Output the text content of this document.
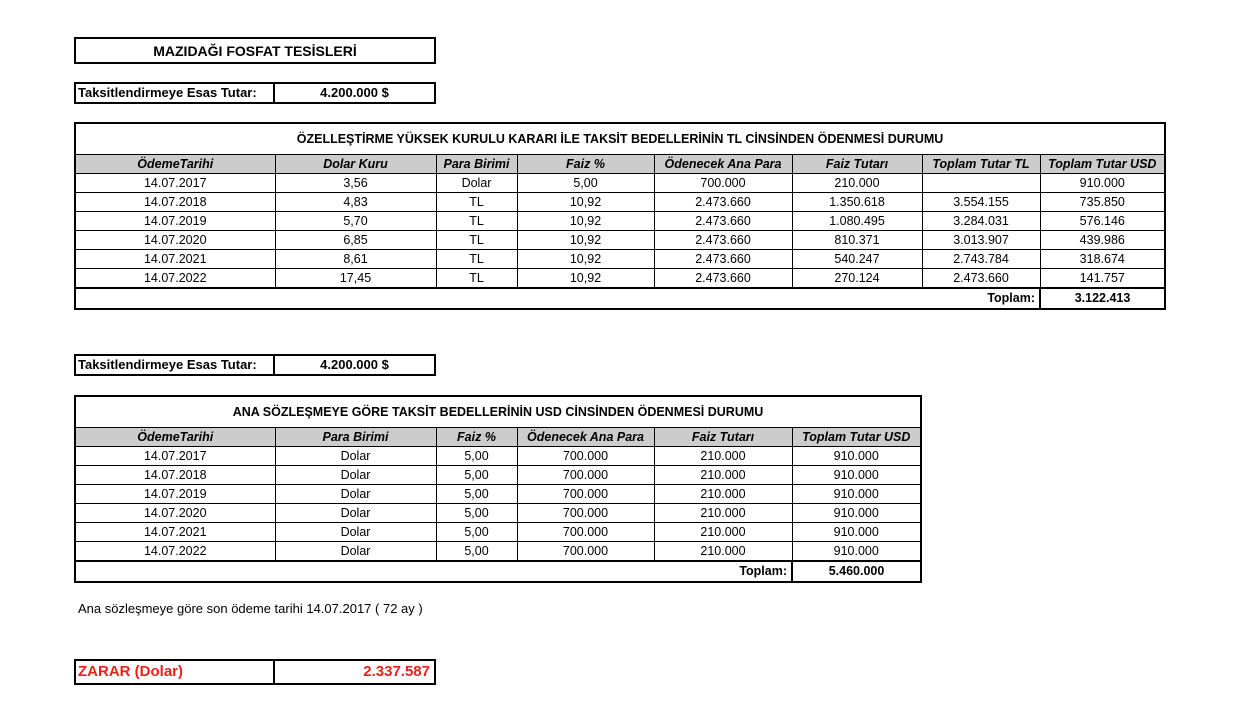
MAZIDAĞI FOSFAT TESİSLERİ
Taksitlendirmeye Esas Tutar:	4.200.000 $
ÖZELLEŞTİRME YÜKSEK KURULU KARARI İLE TAKSİT BEDELLERİNİN TL CİNSİNDEN ÖDENMESİ DURUMU							
ÖdemeTarihi	Dolar Kuru	Para Birimi	Faiz %	Ödenecek Ana Para	Faiz Tutarı	Toplam Tutar TL	Toplam Tutar USD
14.07.2017	3,56	Dolar	5,00	700.000	210.000		910.000
14.07.2018	4,83	TL	10,92	2.473.660	1.350.618	3.554.155	735.850
14.07.2019	5,70	TL	10,92	2.473.660	1.080.495	3.284.031	576.146
14.07.2020	6,85	TL	10,92	2.473.660	810.371	3.013.907	439.986
14.07.2021	8,61	TL	10,92	2.473.660	540.247	2.743.784	318.674
14.07.2022	17,45	TL	10,92	2.473.660	270.124	2.473.660	141.757
Toplam:							3.122.413
Taksitlendirmeye Esas Tutar:	4.200.000 $
ANA SÖZLEŞMEYE GÖRE TAKSİT BEDELLERİNİN USD CİNSİNDEN ÖDENMESİ DURUMU					
ÖdemeTarihi	Para Birimi	Faiz %	Ödenecek Ana Para	Faiz Tutarı	Toplam Tutar USD
14.07.2017	Dolar	5,00	700.000	210.000	910.000
14.07.2018	Dolar	5,00	700.000	210.000	910.000
14.07.2019	Dolar	5,00	700.000	210.000	910.000
14.07.2020	Dolar	5,00	700.000	210.000	910.000
14.07.2021	Dolar	5,00	700.000	210.000	910.000
14.07.2022	Dolar	5,00	700.000	210.000	910.000
Toplam:					5.460.000
Ana sözleşmeye göre son ödeme tarihi 14.07.2017 ( 72 ay )
ZARAR (Dolar)	2.337.587
